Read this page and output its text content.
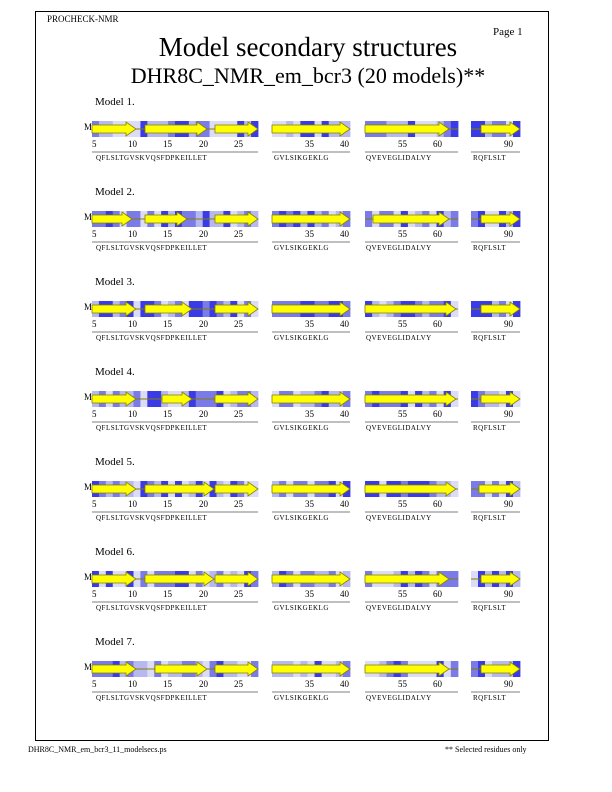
PROCHECK-NMR
Page 1
Model secondary structures
DHR8C_NMR_em_bcr3 (20 models)**
Model 1.
M
5	10	15	20	25
QFLSLTGVSKVQSFDPKEILLET
35	40
GVLSIKGEKLG
55	60
QVEVEGLIDALVY
90
RQFLSLT
Model 2.
M
5	10	15	20	25
QFLSLTGVSKVQSFDPKEILLET
35	40
GVLSIKGEKLG
55	60
QVEVEGLIDALVY
90
RQFLSLT
Model 3.
M
5	10	15	20	25
QFLSLTGVSKVQSFDPKEILLET
35	40
GVLSIKGEKLG
55	60
QVEVEGLIDALVY
90
RQFLSLT
Model 4.
M
5	10	15	20	25
QFLSLTGVSKVQSFDPKEILLET
35	40
GVLSIKGEKLG
55	60
QVEVEGLIDALVY
90
RQFLSLT
Model 5.
M
5	10	15	20	25
QFLSLTGVSKVQSFDPKEILLET
35	40
GVLSIKGEKLG
55	60
QVEVEGLIDALVY
90
RQFLSLT
Model 6.
M
5	10	15	20	25
QFLSLTGVSKVQSFDPKEILLET
35	40
GVLSIKGEKLG
55	60
QVEVEGLIDALVY
90
RQFLSLT
Model 7.
M
5	10	15	20	25
QFLSLTGVSKVQSFDPKEILLET
35	40
GVLSIKGEKLG
55	60
QVEVEGLIDALVY
90
RQFLSLT
DHR8C_NMR_em_bcr3_11_modelsecs.ps	** Selected residues only
